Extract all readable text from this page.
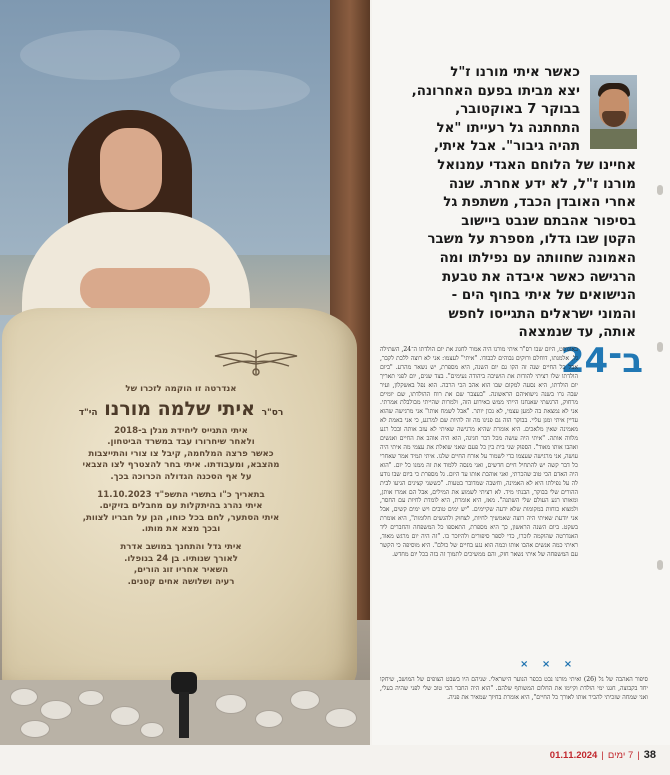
אנדרטה זו הוקמה לזכרו של
רס"ר איתי שלמה מורנו הי"ד
איתי התגייס ליחידת מגלן ב-2018
ולאחר שיחרורו עבד במשרד הביטחון.
כאשר פרצה המלחמה, קיבל צו צורי והתייצבות
מהצבא, ומעבודתו. איתי בחר להצטרף לצו הצבאי
על אף הסכנה הגדולה הכרוכה בכך.
בתאריך כ"ו בתשרי התשפ"ד 11.10.2023
איתי נהרג בהיתקלות עם מחבלים בזיקים.
איתי הסתער, לחם בכל כוחו, הגן על חבריו לצוות,
ובכך מצא את מותו.
איתי גדל והתחנך במושב אדרת
לאורך שנותיו. בן 24 בנופלו.
השאיר אחריו זוג הורים,
רעיה ושלושה אחים קטנים.
כאשר איתי מורנו ז"ל
יצא מביתו בפעם האחרונה,
בבוקר 7 באוקטובר,
התחתנה גל רעייתו "אל
תהיה גיבור". אבל איתי,
אחיינו של הלוחם האגדי עמנואל
מורנו ז"ל, לא ידע אחרת. שנה
אחרי האובדן הכבד, משתפת גל
בסיפור אהבתם שנבט ביישוב
הקטן שבו גדלו, מספרת על משבר
האמונה שחוותה עם נפילתו ומה
הרגישה כאשר איבדה את טבעת
הנישואים של איתי בחוף הים -
והמוני ישראלים התגייסו לחפש
אותה, עד שנמצאה
ב־24
באוגוסט, היום שבו רס"ר איתי מורנו היה אמור לחגוג את יום הולדתו ה־24, השתילה גל, אלמנתו, דוחלם ורוקים גבוהים לכבודו. "איתי" לעצמו: אני לא רוצה ללכת לקבר, אבל כל החיים שנה זה הקו גם יום השנה, היא מספרת, יש נשאר מהרע. "ביום הולדתו שלו רציתי להודות את הושיבה ביהודה נעימים". בצד שנים, יום לפני תאריך יום הולדתו, היא נסעה למקום שבו הוא אהב הכי הרבה. הוא נפל באשקלון, ועיר שבה גרו בשנה נישואיהם הראשונה. "בעצבר שם את רוח ההולדתו, שם יומיים מרחוק, הרגשתי שאנחנו הייתי ממש באירוע הזה, ולמרות שהייתי מבולבלת אמרתי. אני לא נמצאת בה למען עצמי, לא נכון יותר. "אבל לשמח אותו" אני מרגישה שהוא עדיין איתי ומגן עליי. בבוקר הזה גם פנינו מה זה להיות שם למרגע, כי אני באמת לא מאמינה שאין מלאכים. היא אומרת שהיא מרגישה שאיתי לא עזב אותה ובכל רגע מלווה אותה. "איתי היה עושה מכל דבר חגיגה, הוא היה אוהב את החיים ואנשים ואהבו אותו מאוד". הספוק שני בית בין כל פעם שאני שואלת את עצמי מה איתי היה עושה, אני מרגישה שעצמו כדי לשמור על אורח החיים שלנו. איתי תמיד אמר שאחרי כל דבר קשה יש להתחיל חיים חדשים, ואני מנסה ללמוד את זה ממנו כל יום. "הוא היה האדם הכי טוב שהכרתי, ואני אוהבת אותו עד היום. גל מספרת כי ביום שבו נודע לה על נפילתו היא לא האמינה, וחשבה שמדובר בטעות. "כששני קצינים הגיעו לבית ההורים שלי בבוקר, הבנתי מיד. לא רציתי לשמוע את המילים, אבל הם אמרו אותן, ומאותו רגע העולם שלי השתנה". מאז, היא אומרת, היא לומדת לחיות עם החסר, ולמצוא כוחות במקומות שלא ידעה שקיימים. "יש ימים טובים ויש ימים קשים, אבל אני יודעת שאיתי היה רוצה שאמשיך לחיות, לצחוק ולהגשים חלומות", היא אומרת בשקט. ביום השנה הראשון, כך היא מספרת, התאספו כל המשפחה והחברים ליד האנדרטה שהוקמה לזכרו, כדי לספר סיפורים ולהיזכר בו. "זה היה יום מרגש מאוד, ראיתי כמה אנשים אהבו אותו וכמה הוא נגע בחיים של כולם". היא מוסיפה כי הקשר עם המשפחה של איתי נשאר חזק, והם ממשיכים לתמוך זה בזה בכל יום מחדש.
× × ×
סיפור האהבה של גל (26) ואיתי מורנו נבט בכפר הנוער הישראלי. שניהם היו בשבט הצופים של המושב, שיחקו יחד בקבוצה, חגגו ימי הולדת וקיימו את החלום המשותף שלהם. "הוא היה החבר הכי טוב שלי לפני שהיה בעלי, ואני שמחה שזכיתי להכיר אותו לאורך כל החיים", היא אומרת בחיוך שמאיר את פניה.
38|7 ימים|01.11.2024
